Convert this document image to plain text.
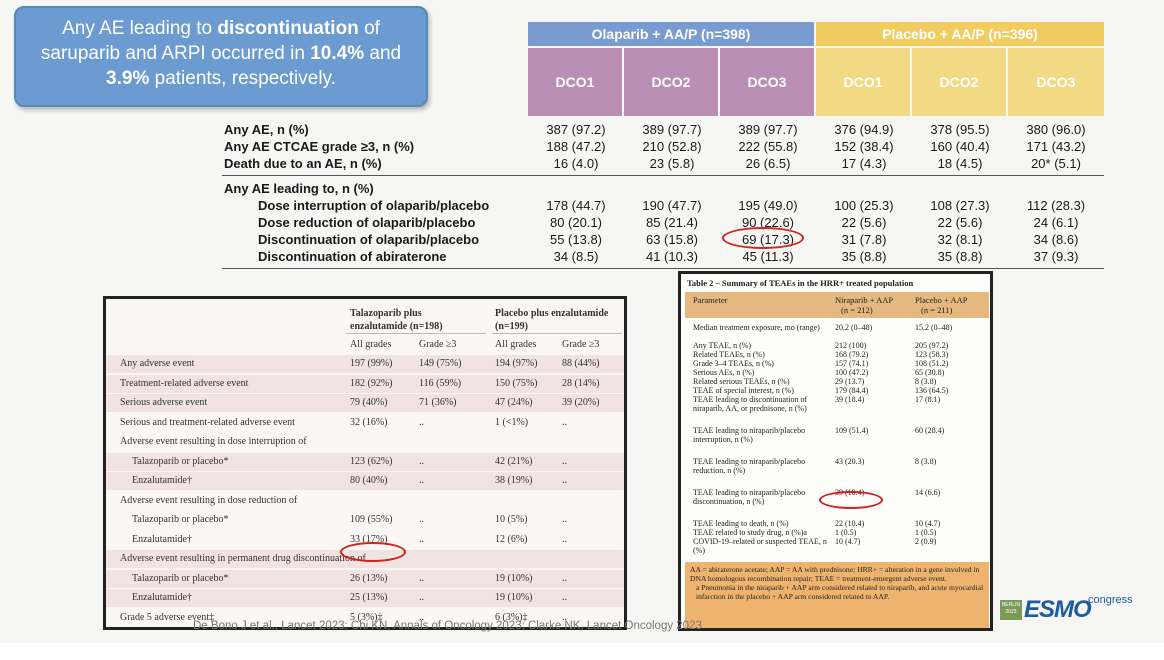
Any AE leading to discontinuation of saruparib and ARPI occurred in 10.4% and 3.9% patients, respectively.
Olaparib + AA/P (n=398)	Placebo + AA/P (n=396)
DCO1	DCO2	DCO3	DCO1	DCO2	DCO3
Any AE, n (%)	387 (97.2)	389 (97.7)	389 (97.7)	376 (94.9)	378 (95.5)	380 (96.0)
Any AE CTCAE grade ≥3, n (%)	188 (47.2)	210 (52.8)	222 (55.8)	152 (38.4)	160 (40.4)	171 (43.2)
Death due to an AE, n (%)	16 (4.0)	23 (5.8)	26 (6.5)	17 (4.3)	18 (4.5)	20* (5.1)
Any AE leading to, n (%)
Dose interruption of olaparib/placebo	178 (44.7)	190 (47.7)	195 (49.0)	100 (25.3)	108 (27.3)	112 (28.3)
Dose reduction of olaparib/placebo	80 (20.1)	85 (21.4)	90 (22.6)	22 (5.6)	22 (5.6)	24 (6.1)
Discontinuation of olaparib/placebo	55 (13.8)	63 (15.8)	69 (17.3)	31 (7.8)	32 (8.1)	34 (8.6)
Discontinuation of abiraterone	34 (8.5)	41 (10.3)	45 (11.3)	35 (8.8)	35 (8.8)	37 (9.3)
Talazoparib plus enzalutamide (n=198)
Placebo plus enzalutamide (n=199)
All grades	Grade ≥3	All grades	Grade ≥3
Any adverse event	197 (99%)	149 (75%)	194 (97%) 88 (44%)
Treatment-related adverse event	182 (92%)	116 (59%)	150 (75%) 28 (14%)
Serious adverse event	79 (40%)	71 (36%)	47 (24%)	39 (20%)
Serious and treatment-related adverse event	32 (16%)	..	1 (<1%)	..
Adverse event resulting in dose interruption of
Talazoparib or placebo*	123 (62%)	..	42 (21%)	..
Enzalutamide†	80 (40%)	..	38 (19%)	..
Adverse event resulting in dose reduction of
Talazoparib or placebo*	109 (55%)	..	10 (5%)	..
Enzalutamide†	33 (17%)	..	12 (6%)	..
Adverse event resulting in permanent drug discontinuation of
Talazoparib or placebo*	26 (13%)	..	19 (10%)	..
Enzalutamide†	25 (13%)	..	19 (10%)	..
Grade 5 adverse event‡	5 (3%)‡	..	6 (3%)‡	..
Table 2 – Summary of TEAEs in the HRR+ treated population
Parameter	Niraparib + AAP
(n = 212)
Placebo + AAP
(n = 211)
Median treatment exposure, mo (range)	20.2 (0–48)	15.2 (0–48)
Any TEAE, n (%)	212 (100)	205 (97.2)
Related TEAEs, n (%)	168 (79.2)	123 (58.3)
Grade 3–4 TEAEs, n (%)	157 (74.1)	108 (51.2)
Serious AEs, n (%)	100 (47.2)	65 (30.8)
Related serious TEAEs, n (%)	29 (13.7)	8 (3.8)
TEAE of special interest, n (%)	179 (84.4)	136 (64.5)
TEAE leading to discontinuation of niraparib, AA, or prednisone, n (%)
39 (18.4)	17 (8.1)
TEAE leading to niraparib/placebo interruption, n (%)
109 (51.4)	60 (28.4)
TEAE leading to niraparib/placebo reduction, n (%)
43 (20.3)	8 (3.8)
TEAE leading to niraparib/placebo discontinuation, n (%)
39 (18.4)	14 (6.6)
TEAE leading to death, n (%)	22 (10.4)	10 (4.7)
TEAE related to study drug, n (%)a	1 (0.5)	1 (0.5)
COVID-19–related or suspected TEAE, n (%)
10 (4.7)	2 (0.9)
AA = abiraterone acetate; AAP = AA with prednisone; HRR+ = alteration in a gene involved in DNA homologous recombination repair; TEAE = treatment-emergent adverse event.
a Pneumonia in the niraparib + AAP arm considered related to niraparib, and acute myocardial infarction in the placebo + AAP arm considered related to AAP.
De Bono J et al., Lancet 2023; Chi KN, Annals of Oncology 2023; Clarke NK, Lancet Oncology 2023
BERLIN
2023 ESMO
congress
